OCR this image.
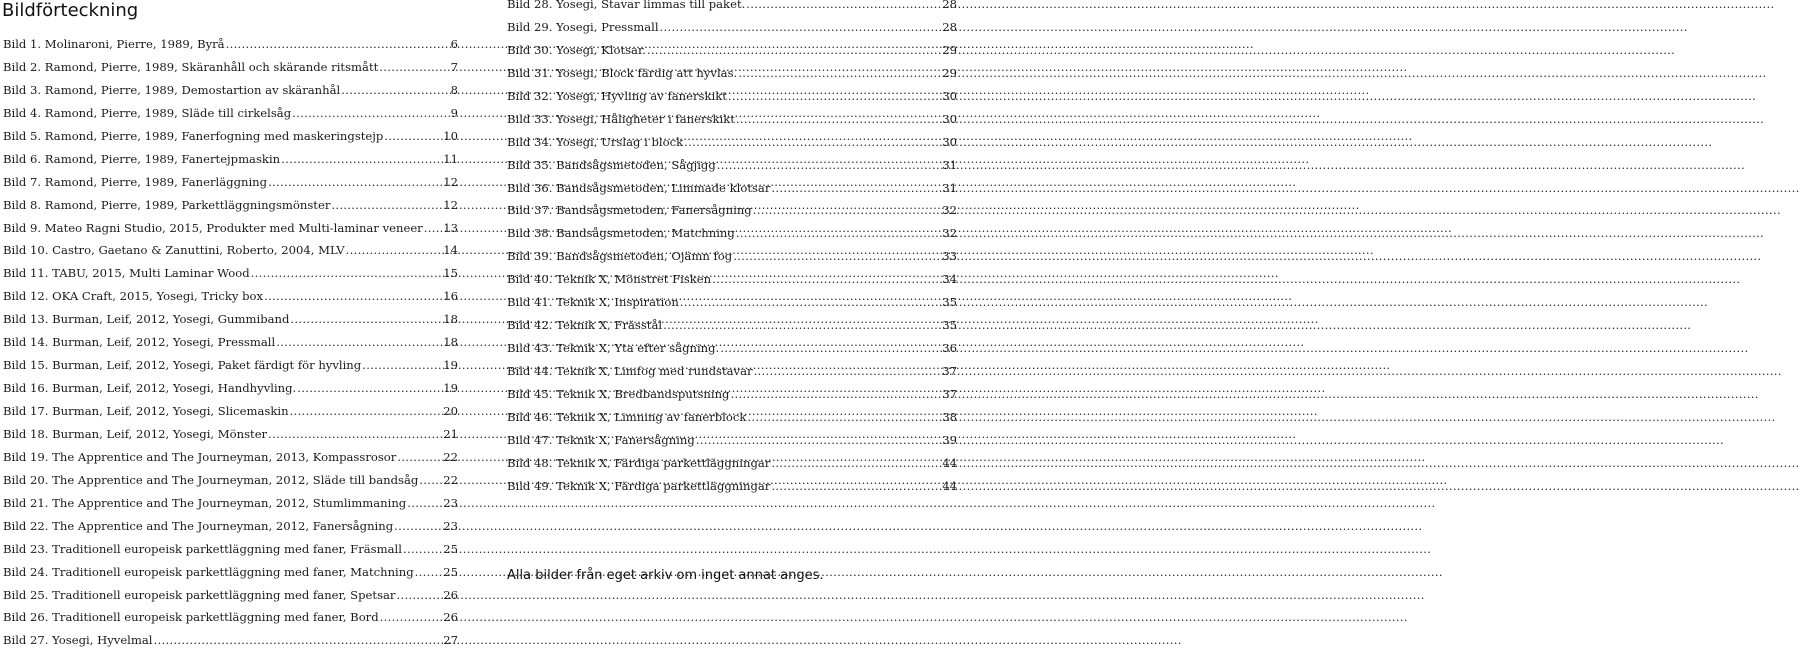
Bildförteckning
Bild 1. Molinaroni, Pierre, 1989, Byrå .....	6
Bild 2. Ramond, Pierre, 1989, Skäranhåll och skärande ritsmått .....	7
Bild 3. Ramond, Pierre, 1989, Demostartion av skäranhål .....	8
Bild 4. Ramond, Pierre, 1989, Släde till cirkelsåg .....	9
Bild 5. Ramond, Pierre, 1989, Fanerfogning med maskeringstejp .....	10
Bild 6. Ramond, Pierre, 1989, Fanertejpmaskin .....	11
Bild 7. Ramond, Pierre, 1989, Fanerläggning .....	12
Bild 8. Ramond, Pierre, 1989, Parkettläggningsmönster .....	12
Bild 9. Mateo Ragni Studio, 2015, Produkter med Multi-laminar veneer ..... 13
Bild 10. Castro, Gaetano & Zanuttini, Roberto, 2004, MLV .....	14
Bild 11. TABU, 2015, Multi Laminar Wood .....	15
Bild 12. OKA Craft, 2015, Yosegi, Tricky box .....	16
Bild 13. Burman, Leif, 2012, Yosegi, Gummiband .....	18
Bild 14. Burman, Leif, 2012, Yosegi, Pressmall .....	18
Bild 15. Burman, Leif, 2012, Yosegi, Paket färdigt för hyvling .....	19
Bild 16. Burman, Leif, 2012, Yosegi, Handhyvling. .....	19
Bild 17. Burman, Leif, 2012, Yosegi, Slicemaskin .....	20
Bild 18. Burman, Leif, 2012, Yosegi, Mönster .....	21
Bild 19. The Apprentice and The Journeyman, 2013, Kompassrosor .....	22
Bild 20. The Apprentice and The Journeyman, 2012, Släde till bandsåg ..... 22
Bild 21. The Apprentice and The Journeyman, 2012, Stumlimmaning .....	23
Bild 22. The Apprentice and The Journeyman, 2012, Fanersågning .....	23
Bild 23. Traditionell europeisk parkettläggning med faner, Fräsmall .....	25
Bild 24. Traditionell europeisk parkettläggning med faner, Matchning .....	25
Bild 25. Traditionell europeisk parkettläggning med faner, Spetsar .....	26
Bild 26. Traditionell europeisk parkettläggning med faner, Bord .....	26
Bild 27. Yosegi, Hyvelmal .....	27
Bild 28. Yosegi, Stavar limmas till paket. .....	28
Bild 29. Yosegi, Pressmall .....	28
Bild 30. Yosegi, Klotsar. .....	29
Bild 31. Yosegi, Block färdig att hyvlas. .....	29
Bild 32. Yosegi, Hyvling av fanerskikt .....	30
Bild 33. Yosegi, Håligheter i fanerskikt .....	30
Bild 34. Yosegi, Urslag i block .....	30
Bild 35. Bandsågsmetoden, Sågjigg .....	31
Bild 36. Bandsågsmetoden, Limmade klotsar .....	31
Bild 37. Bandsågsmetoden, Fanersågning .....	32
Bild 38. Bandsågsmetoden, Matchning .....	32
Bild 39. Bandsågsmetoden, Ojämn fog .....	33
Bild 40. Teknik X, Mönstret Fisken .....	34
Bild 41. Teknik X, Inspiration .....	35
Bild 42. Teknik X, Frässtål .....	35
Bild 43. Teknik X, Yta efter sågning. .....	36
Bild 44. Teknik X, Limfog med rundstavar .....	37
Bild 45. Teknik X, Bredbandsputsning .....	37
Bild 46. Teknik X, Limning av fanerblock .....	38
Bild 47. Teknik X, Fanersågning .....	39
Bild 48. Teknik X, Färdiga parkettläggningar .....	44
Bild 49. Teknik X, Färdiga parkettläggningar .....	44

Alla bilder från eget arkiv om inget annat anges.
